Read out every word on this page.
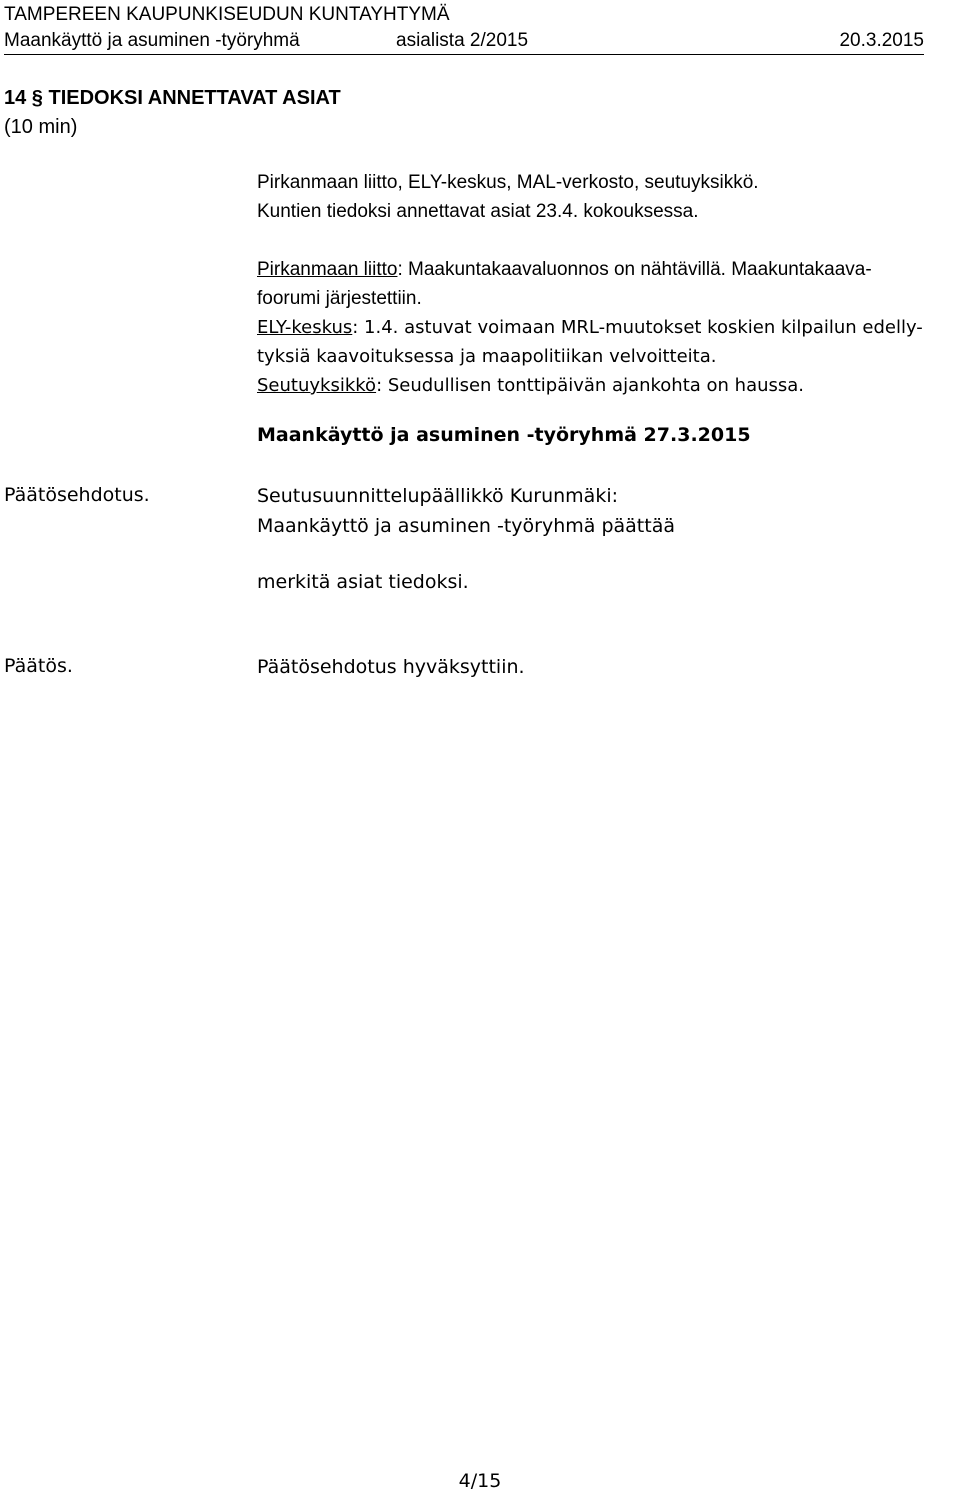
TAMPEREEN KAUPUNKISEUDUN KUNTAYHTYMÄ
Maankäyttö ja asuminen -työryhmä	asialista 2/2015	20.3.2015
14 § TIEDOKSI ANNETTAVAT ASIAT
(10 min)

Pirkanmaan liitto, ELY-keskus, MAL-verkosto, seutuyksikkö.
Kuntien tiedoksi annettavat asiat 23.4. kokouksessa.

Pirkanmaan liitto: Maakuntakaavaluonnos on nähtävillä. Maakuntakaava-
foorumi järjestettiin.

ELY-keskus: 1.4. astuvat voimaan MRL-muutokset koskien kilpailun edelly-
tyksiä kaavoituksessa ja maapolitiikan velvoitteita.
Seutuyksikkö: Seudullisen tonttipäivän ajankohta on haussa.

Maankäyttö ja asuminen -työryhmä 27.3.2015
Päätösehdotus.	Seutusuunnittelupäällikkö Kurunmäki:
Maankäyttö ja asuminen -työryhmä päättää
merkitä asiat tiedoksi.
Päätös.	Päätösehdotus hyväksyttiin.
4/15
